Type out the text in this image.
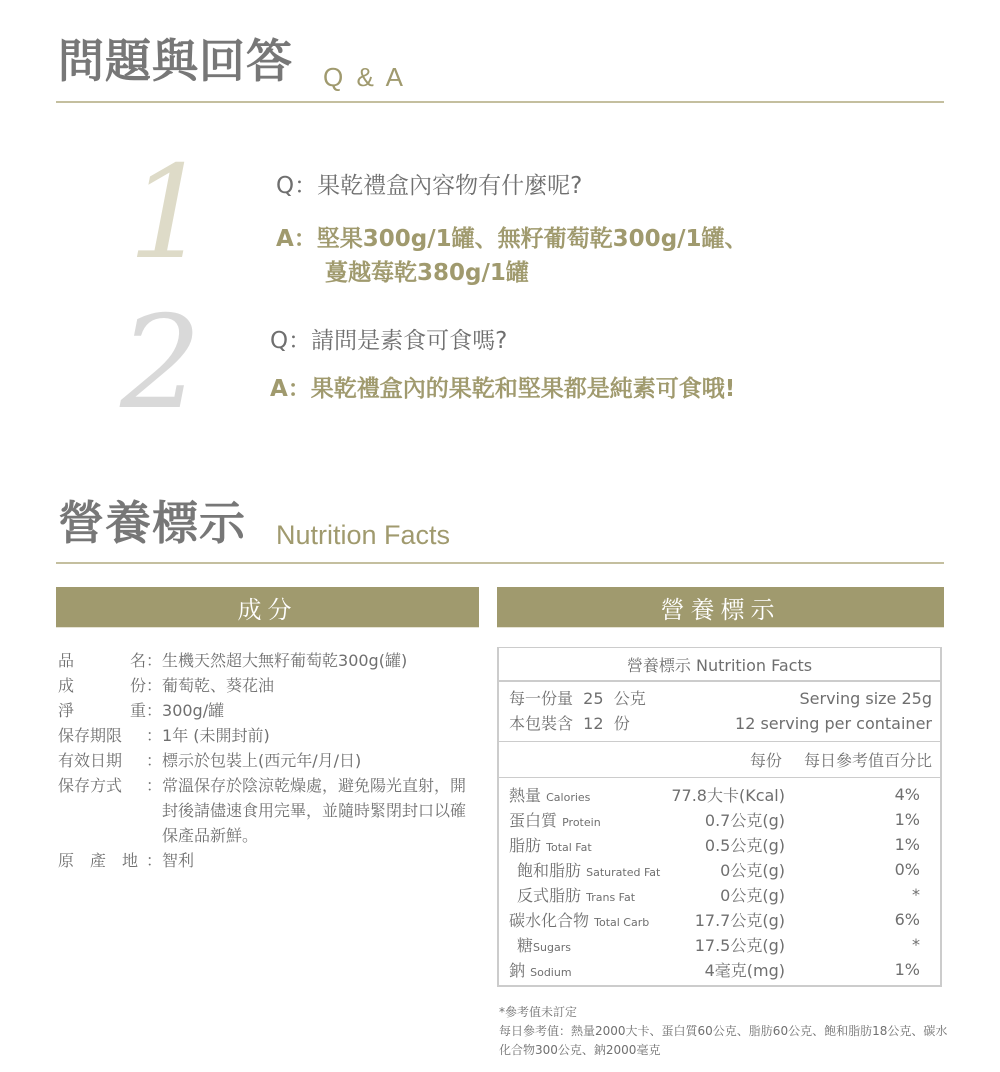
問題與回答 Q & A
1	Q：果乾禮盒內容物有什麼呢?
A：堅果300g/1罐、無籽葡萄乾300g/1罐、
蔓越莓乾380g/1罐
2	Q：請問是素食可食嗎?
A：果乾禮盒內的果乾和堅果都是純素可食哦!
營養標示 Nutrition Facts
成分	營養標示
品	名 ： 生機天然超大無籽葡萄乾300g(罐)
成	份 ： 葡萄乾、葵花油
淨	重 ： 300g/罐
保存期限 ： 1年 (未開封前)
有效日期 ： 標示於包裝上(西元年/月/日)
保存方式 ： 常溫保存於陰涼乾燥處，避免陽光直射，開封後請儘速食用完畢，並隨時緊閉封口以確保產品新鮮。
原 產 地 ： 智利
營養標示 Nutrition Facts
每一份量  25  公克	Serving size 25g
本包裝含  12  份	12 serving per container
每份  每日參考值百分比
熱量 Calories	77.8大卡(Kcal)	4%
蛋白質 Protein	0.7公克(g)	1%
脂肪 Total Fat	0.5公克(g)	1%
飽和脂肪 Saturated Fat	0公克(g)	0%
反式脂肪 Trans Fat	0公克(g)	*
碳水化合物 Total Carb	17.7公克(g)	6%
糖Sugars	17.5公克(g)	*
鈉 Sodium	4毫克(mg)	1%
*參考值未訂定
每日參考值：熱量2000大卡、蛋白質60公克、脂肪60公克、飽和脂肪18公克、碳水化合物300公克、鈉2000毫克
